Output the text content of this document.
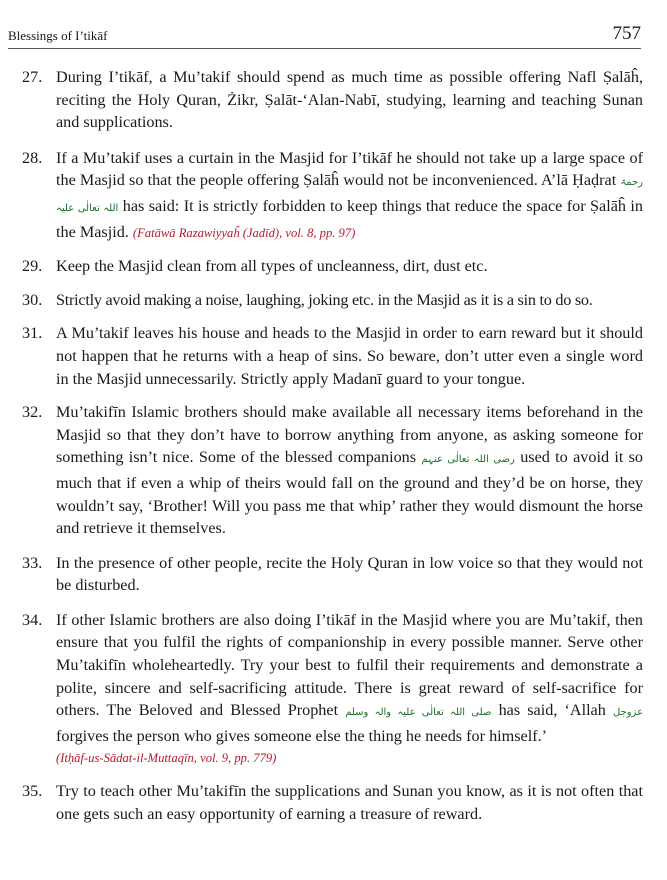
Blessings of I’tikāf	757
27. During I’tikāf, a Mu’takif should spend as much time as possible offering Nafl Ṣalāĥ, reciting the Holy Quran, Żikr, Ṣalāt-‘Alan-Nabī, studying, learning and teaching Sunan and supplications.
28. If a Mu’takif uses a curtain in the Masjid for I’tikāf he should not take up a large space of the Masjid so that the people offering Ṣalāĥ would not be inconvenienced. A’lā Ḥaḍrat رحمۃ اللہ تعالٰی علیہ has said: It is strictly forbidden to keep things that reduce the space for Ṣalāĥ in the Masjid. (Fatāwā Razawiyyaĥ (Jadīd), vol. 8, pp. 97)
29. Keep the Masjid clean from all types of uncleanness, dirt, dust etc.
30. Strictly avoid making a noise, laughing, joking etc. in the Masjid as it is a sin to do so.
31. A Mu’takif leaves his house and heads to the Masjid in order to earn reward but it should not happen that he returns with a heap of sins. So beware, don’t utter even a single word in the Masjid unnecessarily. Strictly apply Madanī guard to your tongue.
32. Mu’takifīn Islamic brothers should make available all necessary items beforehand in the Masjid so that they don’t have to borrow anything from anyone, as asking someone for something isn’t nice. Some of the blessed companions رضی اللہ تعالٰی عنہم used to avoid it so much that if even a whip of theirs would fall on the ground and they’d be on horse, they wouldn’t say, ‘Brother! Will you pass me that whip’ rather they would dismount the horse and retrieve it themselves.
33. In the presence of other people, recite the Holy Quran in low voice so that they would not be disturbed.
34. If other Islamic brothers are also doing I’tikāf in the Masjid where you are Mu’takif, then ensure that you fulfil the rights of companionship in every possible manner. Serve other Mu’takifīn wholeheartedly. Try your best to fulfil their requirements and demonstrate a polite, sincere and self-sacrificing attitude. There is great reward of self-sacrifice for others. The Beloved and Blessed Prophet صلی اللہ تعالٰی علیہ والہ وسلم has said, ‘Allah عزوجل forgives the person who gives someone else the thing he needs for himself.’
(Itḥāf-us-Sādat-il-Muttaqīn, vol. 9, pp. 779)
35. Try to teach other Mu’takifīn the supplications and Sunan you know, as it is not often that one gets such an easy opportunity of earning a treasure of reward.
